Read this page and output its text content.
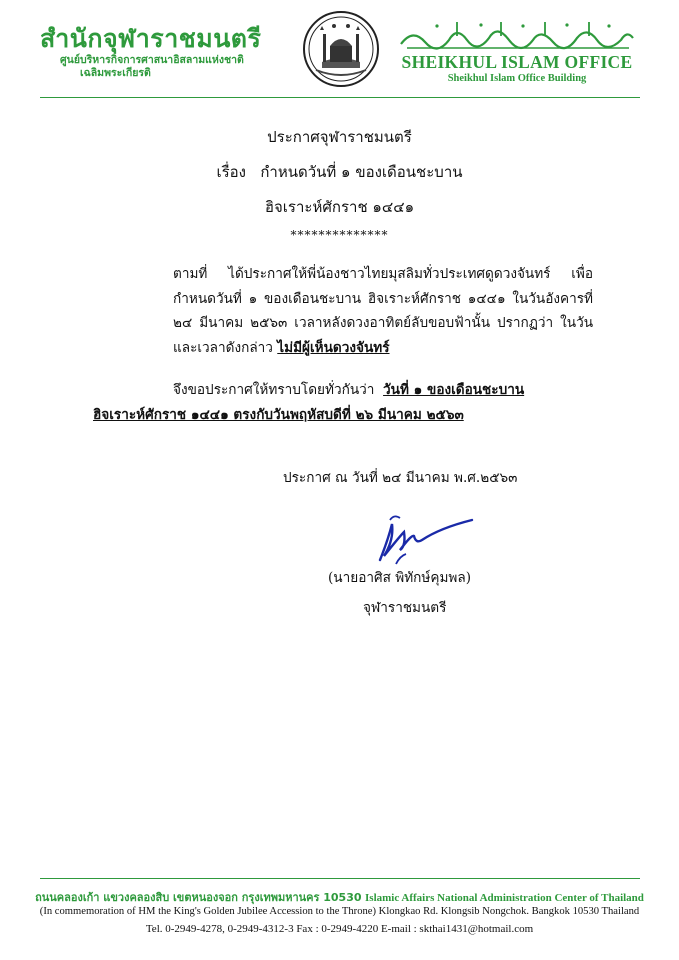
สำนักจุฬาราชมนตรี
ศูนย์บริหารกิจการศาสนาอิสลามแห่งชาติ
เฉลิมพระเกียรติ
SHEIKHUL ISLAM OFFICE
Sheikhul Islam Office Building
ประกาศจุฬาราชมนตรี
เรื่อง กำหนดวันที่ ๑ ของเดือนชะบาน
ฮิจเราะห์ศักราช ๑๔๔๑
**************
ตามที่ ได้ประกาศให้พี่น้องชาวไทยมุสลิมทั่วประเทศดูดวงจันทร์ เพื่อกำหนดวันที่ ๑ ของเดือนชะบาน ฮิจเราะห์ศักราช ๑๔๔๑ ในวันอังคารที่ ๒๔ มีนาคม ๒๕๖๓ เวลาหลังดวงอาทิตย์ลับขอบฟ้านั้น ปรากฏว่า ในวันและเวลาดังกล่าว ไม่มีผู้เห็นดวงจันทร์
จึงขอประกาศให้ทราบโดยทั่วกันว่า วันที่ ๑ ของเดือนชะบาน
ฮิจเราะห์ศักราช ๑๔๔๑ ตรงกับวันพฤหัสบดีที่ ๒๖ มีนาคม ๒๕๖๓
ประกาศ ณ วันที่ ๒๔ มีนาคม พ.ศ.๒๕๖๓
(นายอาศิส พิทักษ์คุมพล)
จุฬาราชมนตรี
ถนนคลองเก้า แขวงคลองสิบ เขตหนองจอก กรุงเทพมหานคร 10530 Islamic Affairs National Administration Center of Thailand
(In commemoration of HM the King's Golden Jubilee Accession to the Throne) Klongkao Rd. Klongsib Nongchok. Bangkok 10530 Thailand
Tel. 0-2949-4278, 0-2949-4312-3 Fax : 0-2949-4220 E-mail : skthai1431@hotmail.com
